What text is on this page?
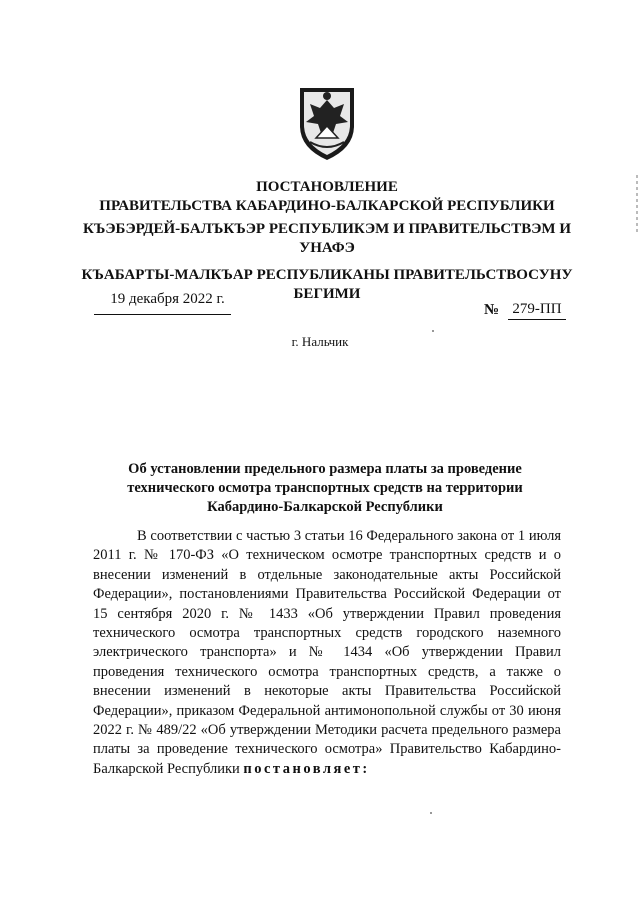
ПОСТАНОВЛЕНИЕ
ПРАВИТЕЛЬСТВА КАБАРДИНО-БАЛКАРСКОЙ РЕСПУБЛИКИ
КЪЭБЭРДЕЙ-БАЛЪКЪЭР РЕСПУБЛИКЭМ И ПРАВИТЕЛЬСТВЭМ И УНАФЭ
КЪАБАРТЫ-МАЛКЪАР РЕСПУБЛИКАНЫ ПРАВИТЕЛЬСТВОСУНУ БЕГИМИ
19 декабря 2022 г.
№ 279-ПП
г. Нальчик
Об установлении предельного размера платы за проведение технического осмотра транспортных средств на территории Кабардино-Балкарской Республики

В соответствии с частью 3 статьи 16 Федерального закона от 1 июля 2011 г. № 170-ФЗ «О техническом осмотре транспортных средств и о внесении изменений в отдельные законодательные акты Российской Федерации», постановлениями Правительства Российской Федерации от 15 сентября 2020 г. № 1433 «Об утверждении Правил проведения технического осмотра транспортных средств городского наземного электрического транспорта» и № 1434 «Об утверждении Правил проведения технического осмотра транспортных средств, а также о внесении изменений в некоторые акты Правительства Российской Федерации», приказом Федеральной антимонопольной службы от 30 июня 2022 г. № 489/22 «Об утверждении Методики расчета предельного размера платы за проведение технического осмотра» Правительство Кабардино-Балкарской Республики постановляет:
